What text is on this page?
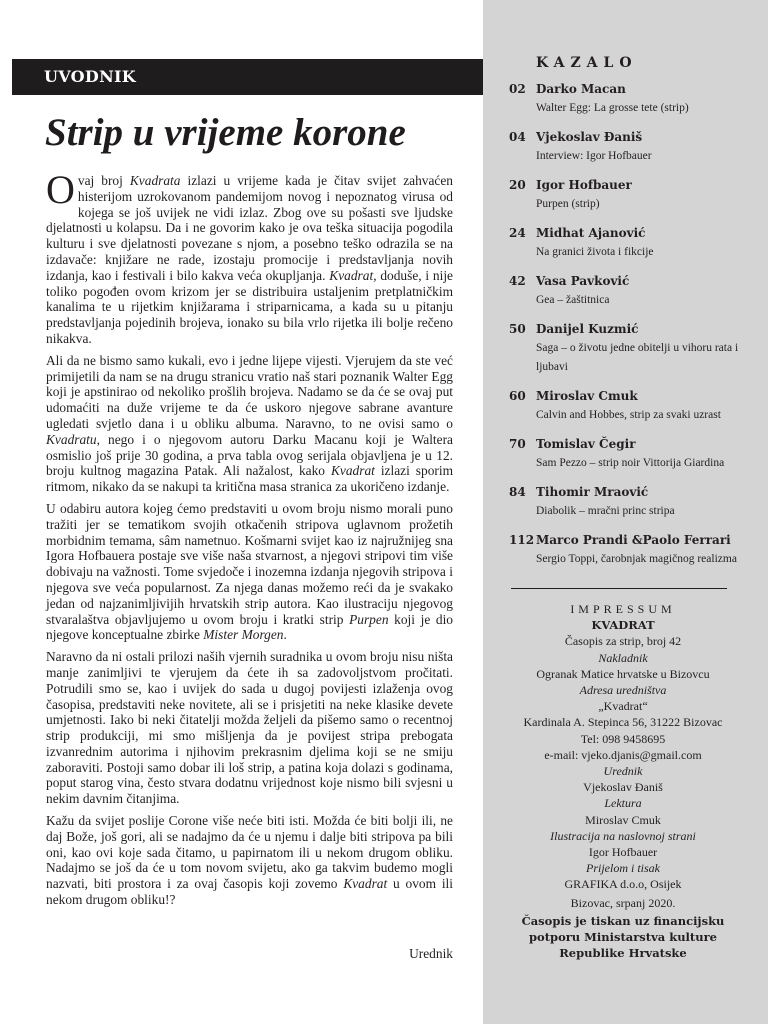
UVODNIK
Strip u vrijeme korone

Ovaj broj Kvadrata izlazi u vrijeme kada je čitav svijet zahvaćen histerijom uzrokovanom pandemijom novog i nepoznatog virusa od kojega se još uvijek ne vidi izlaz. Zbog ove su pošasti sve ljudske djelatnosti u kolapsu. Da i ne govorim kako je ova teška situacija pogodila kulturu i sve djelatnosti povezane s njom, a posebno teško odrazila se na izdavače: knjižare ne rade, izostaju promocije i predstavljanja novih izdanja, kao i festivali i bilo kakva veća okupljanja. Kvadrat, doduše, i nije toliko pogođen ovom krizom jer se distribuira ustaljenim pretplatničkim kanalima te u rijetkim knjižarama i striparnicama, a kada su u pitanju predstavljanja pojedinih brojeva, ionako su bila vrlo rijetka ili bolje rečeno nikakva.

Ali da ne bismo samo kukali, evo i jedne lijepe vijesti. Vjerujem da ste već primijetili da nam se na drugu stranicu vratio naš stari poznanik Walter Egg koji je apstinirao od nekoliko prošlih brojeva. Nadamo se da će se ovaj put udomaćiti na duže vrijeme te da će uskoro njegove sabrane avanture ugledati svjetlo dana i u obliku albuma. Naravno, to ne ovisi samo o Kvadratu, nego i o njegovom autoru Darku Macanu koji je Waltera osmislio još prije 30 godina, a prva tabla ovog serijala objavljena je u 12. broju kultnog magazina Patak. Ali nažalost, kako Kvadrat izlazi sporim ritmom, nikako da se nakupi ta kritična masa stranica za ukoričeno izdanje.

U odabiru autora kojeg ćemo predstaviti u ovom broju nismo morali puno tražiti jer se tematikom svojih otkačenih stripova uglavnom prožetih morbidnim temama, sâm nametnuo. Košmarni svijet kao iz najružnijeg sna Igora Hofbauera postaje sve više naša stvarnost, a njegovi stripovi tim više dobivaju na važnosti. Tome svjedoče i inozemna izdanja njegovih stripova i njegova sve veća popularnost. Za njega danas možemo reći da je svakako jedan od najzanimljivijih hrvatskih strip autora. Kao ilustraciju njegovog stvaralaštva objavljujemo u ovom broju i kratki strip Purpen koji je dio njegove konceptualne zbirke Mister Morgen.

Naravno da ni ostali prilozi naših vjernih suradnika u ovom broju nisu ništa manje zanimljivi te vjerujem da ćete ih sa zadovoljstvom pročitati. Potrudili smo se, kao i uvijek do sada u dugoj povijesti izlaženja ovog časopisa, predstaviti neke novitete, ali se i prisjetiti na neke klasike devete umjetnosti. Iako bi neki čitatelji možda željeli da pišemo samo o recentnoj strip produkciji, mi smo mišljenja da je povijest stripa prebogata izvanrednim autorima i njihovim prekrasnim djelima koji se ne smiju zaboraviti. Postoji samo dobar ili loš strip, a patina koja dolazi s godinama, poput starog vina, često stvara dodatnu vrijednost koje nismo bili svjesni u nekim davnim čitanjima.

Kažu da svijet poslije Corone više neće biti isti. Možda će biti bolji ili, ne daj Bože, još gori, ali se nadajmo da će u njemu i dalje biti stripova pa bili oni, kao ovi koje sada čitamo, u papirnatom ili u nekom drugom obliku. Nadajmo se još da će u tom novom svijetu, ako ga takvim budemo mogli nazvati, biti prostora i za ovaj časopis koji zovemo Kvadrat u ovom ili nekom drugom obliku!?

Urednik
KAZALO
02 Darko Macan
Walter Egg: La grosse tete (strip)
04 Vjekoslav Đaniš
Interview: Igor Hofbauer
20 Igor Hofbauer
Purpen (strip)
24 Midhat Ajanović
Na granici života i fikcije
42 Vasa Pavković
Gea – žaštitnica
50 Danijel Kuzmić
Saga – o životu jedne obitelji u vihoru rata i ljubavi
60 Miroslav Cmuk
Calvin and Hobbes, strip za svaki uzrast
70 Tomislav Čegir
Sam Pezzo – strip noir Vittorija Giardina
84 Tihomir Mraović
Diabolik – mračni princ stripa
112 Marco Prandi &Paolo Ferrari
Sergio Toppi, čarobnjak magičnog realizma
IMPRESSUM
KVADRAT
Časopis za strip, broj 42
Nakladnik
Ogranak Matice hrvatske u Bizovcu
Adresa uredništva
„Kvadrat“
Kardinala A. Stepinca 56, 31222 Bizovac
Tel: 098 9458695
e-mail: vjeko.djanis@gmail.com
Urednik
Vjekoslav Đaniš
Lektura
Miroslav Cmuk
Ilustracija na naslovnoj strani
Igor Hofbauer
Prijelom i tisak
GRAFIKA d.o.o, Osijek
Bizovac, srpanj 2020.
Časopis je tiskan uz financijsku potporu Ministarstva kulture Republike Hrvatske
